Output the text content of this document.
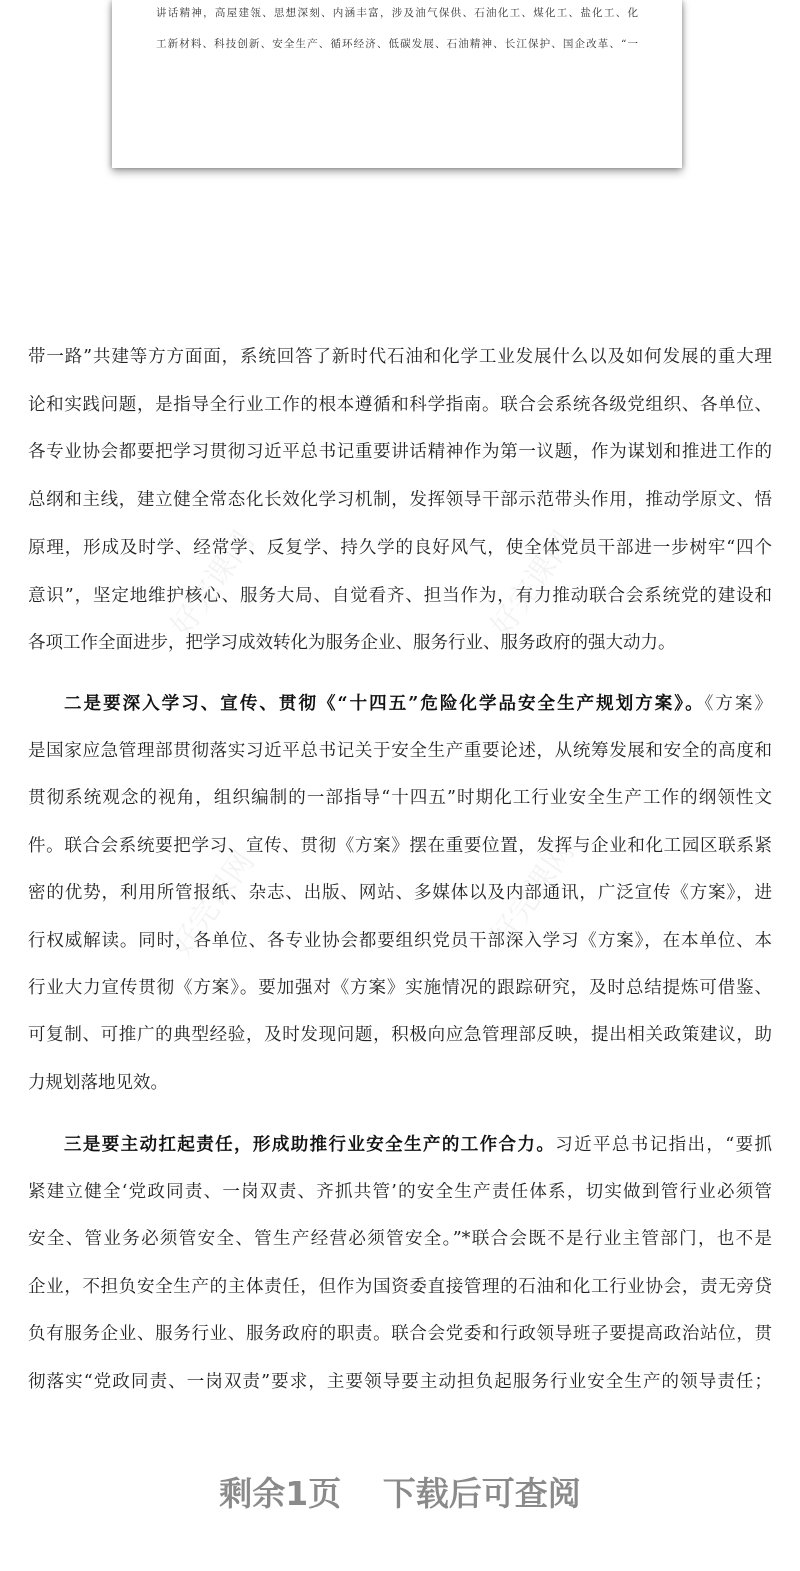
讲话精神，高屋建瓴、思想深刻、内涵丰富，涉及油气保供、石油化工、煤化工、盐化工、化
工新材料、科技创新、安全生产、循环经济、低碳发展、石油精神、长江保护、国企改革、“一
好完课网	好完课网
好完课网	好完课网
带一路”共建等方方面面，系统回答了新时代石油和化学工业发展什么以及如何发展的重大理
论和实践问题，是指导全行业工作的根本遵循和科学指南。联合会系统各级党组织、各单位、
各专业协会都要把学习贯彻习近平总书记重要讲话精神作为第一议题，作为谋划和推进工作的
总纲和主线，建立健全常态化长效化学习机制，发挥领导干部示范带头作用，推动学原文、悟
原理，形成及时学、经常学、反复学、持久学的良好风气，使全体党员干部进一步树牢“四个
意识”，坚定地维护核心、服务大局、自觉看齐、担当作为，有力推动联合会系统党的建设和
各项工作全面进步，把学习成效转化为服务企业、服务行业、服务政府的强大动力。
二是要深入学习、宣传、贯彻《“十四五”危险化学品安全生产规划方案》。《方案》
是国家应急管理部贯彻落实习近平总书记关于安全生产重要论述，从统筹发展和安全的高度和
贯彻系统观念的视角，组织编制的一部指导“十四五”时期化工行业安全生产工作的纲领性文
件。联合会系统要把学习、宣传、贯彻《方案》摆在重要位置，发挥与企业和化工园区联系紧
密的优势，利用所管报纸、杂志、出版、网站、多媒体以及内部通讯，广泛宣传《方案》，进
行权威解读。同时，各单位、各专业协会都要组织党员干部深入学习《方案》，在本单位、本
行业大力宣传贯彻《方案》。要加强对《方案》实施情况的跟踪研究，及时总结提炼可借鉴、
可复制、可推广的典型经验，及时发现问题，积极向应急管理部反映，提出相关政策建议，助
力规划落地见效。
三是要主动扛起责任，形成助推行业安全生产的工作合力。习近平总书记指出，“要抓
紧建立健全‘党政同责、一岗双责、齐抓共管’的安全生产责任体系，切实做到管行业必须管
安全、管业务必须管安全、管生产经营必须管安全。”*联合会既不是行业主管部门，也不是
企业，不担负安全生产的主体责任，但作为国资委直接管理的石油和化工行业协会，责无旁贷
负有服务企业、服务行业、服务政府的职责。联合会党委和行政领导班子要提高政治站位，贯
彻落实“党政同责、一岗双责”要求，主要领导要主动担负起服务行业安全生产的领导责任；
剩余1页 下载后可查阅
